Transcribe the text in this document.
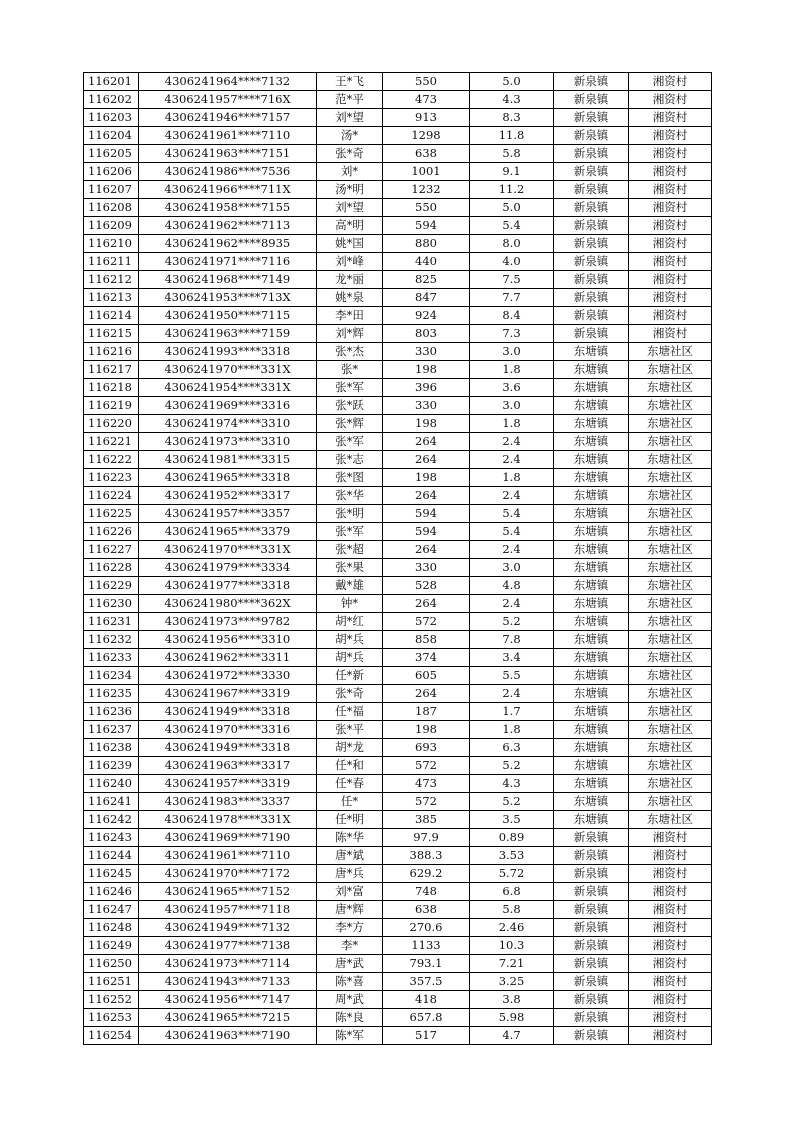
116201	4306241964****7132	王*飞	550	5.0	新泉镇	湘资村
116202	4306241957****716X	范*平	473	4.3	新泉镇	湘资村
116203	4306241946****7157	刘*望	913	8.3	新泉镇	湘资村
116204	4306241961****7110	汤*	1298	11.8	新泉镇	湘资村
116205	4306241963****7151	张*奇	638	5.8	新泉镇	湘资村
116206	4306241986****7536	刘*	1001	9.1	新泉镇	湘资村
116207	4306241966****711X	汤*明	1232	11.2	新泉镇	湘资村
116208	4306241958****7155	刘*望	550	5.0	新泉镇	湘资村
116209	4306241962****7113	高*明	594	5.4	新泉镇	湘资村
116210	4306241962****8935	姚*国	880	8.0	新泉镇	湘资村
116211	4306241971****7116	刘*峰	440	4.0	新泉镇	湘资村
116212	4306241968****7149	龙*丽	825	7.5	新泉镇	湘资村
116213	4306241953****713X	姚*泉	847	7.7	新泉镇	湘资村
116214	4306241950****7115	李*田	924	8.4	新泉镇	湘资村
116215	4306241963****7159	刘*辉	803	7.3	新泉镇	湘资村
116216	4306241993****3318	张*杰	330	3.0	东塘镇	东塘社区
116217	4306241970****331X	张*	198	1.8	东塘镇	东塘社区
116218	4306241954****331X	张*军	396	3.6	东塘镇	东塘社区
116219	4306241969****3316	张*跃	330	3.0	东塘镇	东塘社区
116220	4306241974****3310	张*辉	198	1.8	东塘镇	东塘社区
116221	4306241973****3310	张*军	264	2.4	东塘镇	东塘社区
116222	4306241981****3315	张*志	264	2.4	东塘镇	东塘社区
116223	4306241965****3318	张*图	198	1.8	东塘镇	东塘社区
116224	4306241952****3317	张*华	264	2.4	东塘镇	东塘社区
116225	4306241957****3357	张*明	594	5.4	东塘镇	东塘社区
116226	4306241965****3379	张*军	594	5.4	东塘镇	东塘社区
116227	4306241970****331X	张*超	264	2.4	东塘镇	东塘社区
116228	4306241979****3334	张*果	330	3.0	东塘镇	东塘社区
116229	4306241977****3318	戴*雄	528	4.8	东塘镇	东塘社区
116230	4306241980****362X	钟*	264	2.4	东塘镇	东塘社区
116231	4306241973****9782	胡*红	572	5.2	东塘镇	东塘社区
116232	4306241956****3310	胡*兵	858	7.8	东塘镇	东塘社区
116233	4306241962****3311	胡*兵	374	3.4	东塘镇	东塘社区
116234	4306241972****3330	任*新	605	5.5	东塘镇	东塘社区
116235	4306241967****3319	张*奇	264	2.4	东塘镇	东塘社区
116236	4306241949****3318	任*福	187	1.7	东塘镇	东塘社区
116237	4306241970****3316	张*平	198	1.8	东塘镇	东塘社区
116238	4306241949****3318	胡*龙	693	6.3	东塘镇	东塘社区
116239	4306241963****3317	任*和	572	5.2	东塘镇	东塘社区
116240	4306241957****3319	任*春	473	4.3	东塘镇	东塘社区
116241	4306241983****3337	任*	572	5.2	东塘镇	东塘社区
116242	4306241978****331X	任*明	385	3.5	东塘镇	东塘社区
116243	4306241969****7190	陈*华	97.9	0.89	新泉镇	湘资村
116244	4306241961****7110	唐*斌	388.3	3.53	新泉镇	湘资村
116245	4306241970****7172	唐*兵	629.2	5.72	新泉镇	湘资村
116246	4306241965****7152	刘*富	748	6.8	新泉镇	湘资村
116247	4306241957****7118	唐*辉	638	5.8	新泉镇	湘资村
116248	4306241949****7132	李*方	270.6	2.46	新泉镇	湘资村
116249	4306241977****7138	李*	1133	10.3	新泉镇	湘资村
116250	4306241973****7114	唐*武	793.1	7.21	新泉镇	湘资村
116251	4306241943****7133	陈*喜	357.5	3.25	新泉镇	湘资村
116252	4306241956****7147	周*武	418	3.8	新泉镇	湘资村
116253	4306241965****7215	陈*良	657.8	5.98	新泉镇	湘资村
116254	4306241963****7190	陈*军	517	4.7	新泉镇	湘资村
